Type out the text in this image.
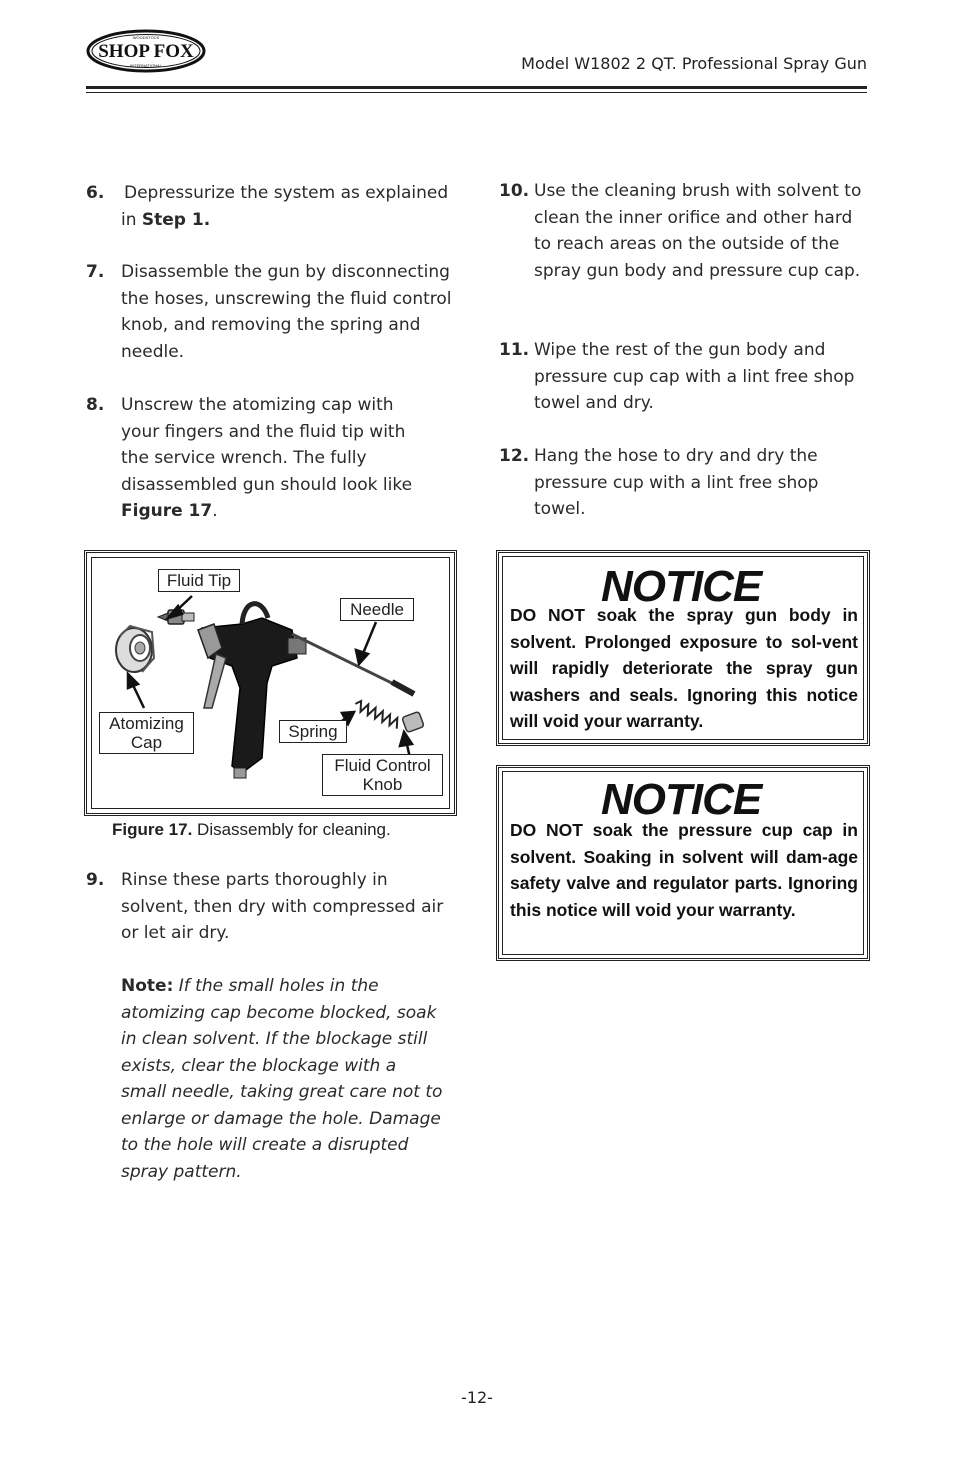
WOODSTOCK
SHOP FOX
INTERNATIONAL	Model W1802 2 QT. Professional Spray Gun
6. Depressurize the system as explained in Step 1.
7. Disassemble the gun by disconnecting the hoses, unscrewing the fluid control knob, and removing the spring and needle.
8. Unscrew the atomizing cap with your fingers and the fluid tip with the service wrench. The fully disassembled gun should look like Figure 17.
Fluid Tip
Needle
Atomizing
Cap
Spring
Fluid Control
Knob
Figure 17. Disassembly for cleaning.
9. Rinse these parts thoroughly in solvent, then dry with compressed air or let air dry.
Note: If the small holes in the atomizing cap become blocked, soak in clean solvent. If the blockage still exists, clear the blockage with a small needle, taking great care not to enlarge or damage the hole. Damage to the hole will create a disrupted spray pattern.
10. Use the cleaning brush with solvent to clean the inner orifice and other hard to reach areas on the outside of the spray gun body and pressure cup cap.
11. Wipe the rest of the gun body and pressure cup cap with a lint free shop towel and dry.
12. Hang the hose to dry and dry the pressure cup with a lint free shop towel.
NOTICE
DO NOT soak the spray gun body in solvent. Prolonged exposure to sol-vent will rapidly deteriorate the spray gun washers and seals. Ignoring this notice will void your warranty.
NOTICE
DO NOT soak the pressure cup cap in solvent. Soaking in solvent will dam-age safety valve and regulator parts. Ignoring this notice will void your warranty.
-12-
